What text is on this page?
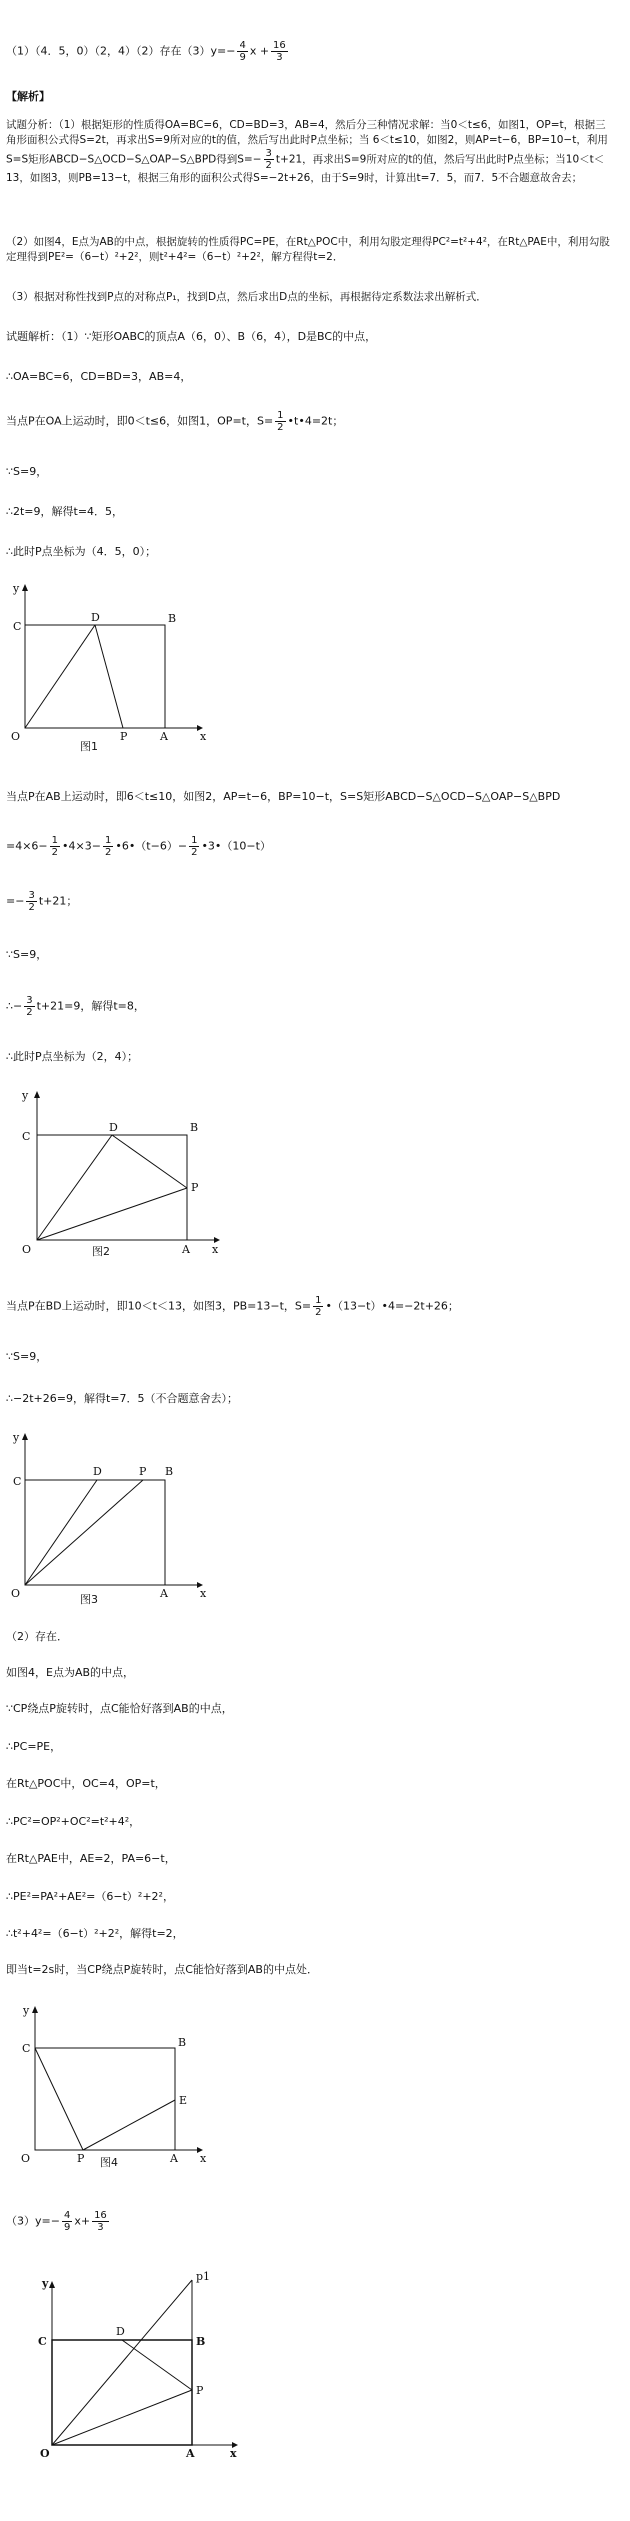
（1）（4．5，0）（2，4）（2）存在$(3)y=- \frac{4}{9}$ $x + \frac{16}{3}$
【解析】
试题分析：（1）根据矩形的性质得OA=BC=6，CD=BD=3，AB=4，然后分三种情况求解：当0＜t≤6，如图1，OP=t，根据三角形面积公式得S=2t，再求出S=9所对应的t的值，然后写出此时P点坐标；当 6＜t≤10，如图2，则AP=t−6，BP=10−t，利用S=S矩形ABCD−S△OCD−S△OAP−S△BPD得到$S=- \frac{3}{2} t+21$，再求出S=9所对应的t的值，然后写出此时P点坐标；当10＜t＜13，如图3，则PB=13−t，根据三角形的面积公式得S=−2t+26，由于S=9时，计算出t=7．5，而7．5不合题意故舍去；
（2）如图4，E点为AB的中点，根据旋转的性质得PC=PE，在Rt△POC中，利用勾股定理得PC²=t²+4²，在Rt△PAE中，利用勾股定理得到PE²=（6−t）²+2²，则t²+4²=（6−t）²+2²，解方程得t=2．
（3）根据对称性找到P点的对称点P₁，找到D点，然后求出D点的坐标，再根据待定系数法求出解析式．
试题解析：（1）∵矩形OABC的顶点A（6，0）、B（6，4），D是BC的中点，
∴OA=BC=6，CD=BD=3，AB=4，
当点P在OA上运动时，即0＜t≤6，如图1，OP=t，$S= \frac{1}{2}$ •t•4=2t；
∵S=9，
∴2t=9，解得t=4．5，
∴此时P点坐标为（4．5，0）；
y
C
D	B
O	P	A	x
图1
当点P在AB上运动时，即6＜t≤10，如图2，AP=t−6，BP=10−t，S=S矩形ABCD−S△OCD−S△OAP−S△BPD
$=4\times 6- \frac{1}{2}$ •4×3− $\frac{1}{2}$ •6•（t−6）− $\frac{1}{2}$ •3•（10−t）
=− $\frac{3}{2} t+21$；
∵S=9，
∴− $\frac{3}{2} t+21=9$，解得t=8，
∴此时P点坐标为（2，4）；
y
C
D	B
P
O	A x
图2
当点P在BD上运动时，即10＜t＜13，如图3，PB=13−t，$S= \frac{1}{2}$ •（13−t）•4=−2t+26；
∵S=9，
∴−2t+26=9，解得t=7．5（不合题意舍去）；
y
C
D	P B
O	A	x
图3
（2）存在．
如图4，E点为AB的中点，
∵CP绕点P旋转时，点C能恰好落到AB的中点，
∴PC=PE，
在Rt△POC中，OC=4，OP=t，
∴PC²=OP²+OC²=t²+4²，
在Rt△PAE中，AE=2，PA=6−t，
∴PE²=PA²+AE²=（6−t）²+2²，
∴t²+4²=（6−t）²+2²，解得t=2，
即当t=2s时，当CP绕点P旋转时，点C能恰好落到AB的中点处．
y
C	B
E
O	P	A x
图4
$(3)y=- \frac{4}{9} x+ \frac{16}{3}$
y
C
D
B
P
p1
O	A	x
